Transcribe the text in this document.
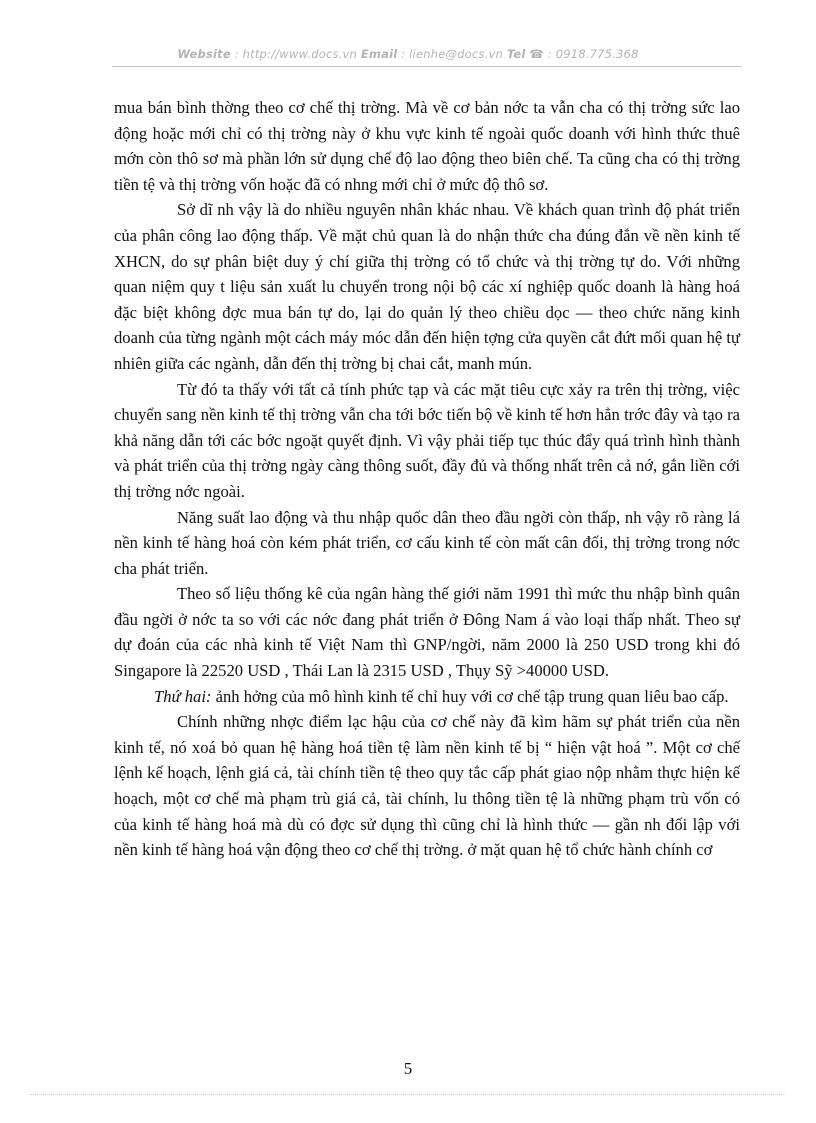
Website : http://www.docs.vn Email : lienhe@docs.vn Tel ☎ : 0918.775.368

mua bán bình thờng theo cơ chế thị trờng. Mà về cơ bản nớc ta vẫn cha có thị trờng sức lao động hoặc mới chỉ có thị trờng này ở khu vực kinh tế ngoài quốc doanh với hình thức thuê mớn còn thô sơ mà phần lớn sử dụng chế độ lao động theo biên chế. Ta cũng cha có thị trờng tiền tệ và thị trờng vốn hoặc đã có nhng mới chỉ ở mức độ thô sơ.

Sở dĩ nh vậy là do nhiều nguyên nhân khác nhau. Về khách quan trình độ phát triển của phân công lao động thấp. Về mặt chủ quan là do nhận thức cha đúng đắn về nền kinh tế XHCN, do sự phân biệt duy ý chí giữa thị trờng có tổ chức và thị trờng tự do. Với những quan niệm quy t liệu sản xuất lu chuyển trong nội bộ các xí nghiệp quốc doanh là hàng hoá đặc biệt không đợc mua bán tự do, lại do quản lý theo chiều dọc — theo chức năng kinh doanh của từng ngành một cách máy móc dẫn đến hiện tợng cửa quyền cắt đứt mối quan hệ tự nhiên giữa các ngành, dẫn đến thị trờng bị chai cắt, manh mún.

Từ đó ta thấy với tất cả tính phức tạp và các mặt tiêu cực xảy ra trên thị trờng, việc chuyển sang nền kinh tế thị trờng vẫn cha tới bớc tiến bộ về kinh tế hơn hẳn trớc đây và tạo ra khả năng dẫn tới các bớc ngoặt quyết định. Vì vậy phải tiếp tục thúc đẩy quá trình hình thành và phát triển của thị trờng ngày càng thông suốt, đầy đủ và thống nhất trên cả nớ, gắn liền cới thị trờng nớc ngoài.

Năng suất lao động và thu nhập quốc dân theo đầu ngời còn thấp, nh vậy rõ ràng lá nền kinh tế hàng hoá còn kém phát triển, cơ cấu kinh tế còn mất cân đối, thị trờng trong nớc cha phát triển.

Theo số liệu thống kê của ngân hàng thế giới năm 1991 thì mức thu nhập bình quân đầu ngời ở nớc ta so với các nớc đang phát triển ở Đông Nam á vào loại thấp nhất. Theo sự dự đoán của các nhà kinh tế Việt Nam thì GNP/ngời, năm 2000 là 250 USD trong khi đó Singapore là 22520 USD , Thái Lan là 2315 USD , Thụy Sỹ >40000 USD.

Thứ hai: ảnh hởng của mô hình kinh tế chỉ huy với cơ chế tập trung quan liêu bao cấp.

Chính những nhợc điểm lạc hậu của cơ chế này đã kìm hãm sự phát triển của nền kinh tế, nó xoá bỏ quan hệ hàng hoá tiền tệ làm nền kinh tế bị “ hiện vật hoá ”. Một cơ chế lệnh kế hoạch, lệnh giá cả, tài chính tiền tệ theo quy tắc cấp phát giao nộp nhằm thực hiện kế hoạch, một cơ chế mà phạm trù giá cả, tài chính, lu thông tiền tệ là những phạm trù vốn có của kinh tế hàng hoá mà dù có đợc sử dụng thì cũng chỉ là hình thức — gần nh đối lập với nền kinh tế hàng hoá vận động theo cơ chế thị trờng. ở mặt quan hệ tổ chức hành chính cơ

5
